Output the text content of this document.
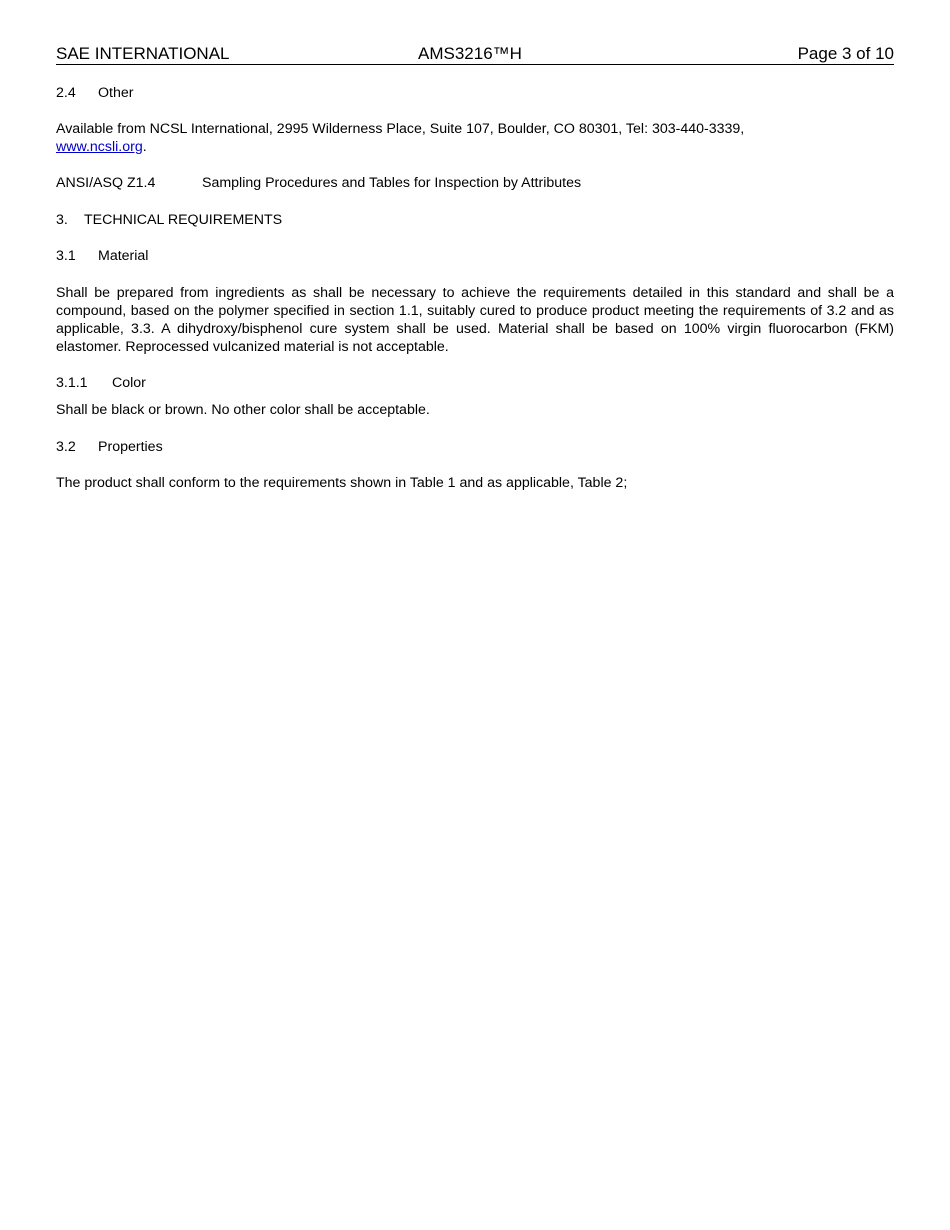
SAE INTERNATIONAL	AMS3216™H	Page 3 of 10
2.4 Other
Available from NCSL International, 2995 Wilderness Place, Suite 107, Boulder, CO 80301, Tel: 303-440-3339,
www.ncsli.org.
ANSI/ASQ Z1.4	Sampling Procedures and Tables for Inspection by Attributes
3. TECHNICAL REQUIREMENTS
3.1 Material
Shall be prepared from ingredients as shall be necessary to achieve the requirements detailed in this standard and shall be a compound, based on the polymer specified in section 1.1, suitably cured to produce product meeting the requirements of 3.2 and as applicable, 3.3. A dihydroxy/bisphenol cure system shall be used. Material shall be based on 100% virgin fluorocarbon (FKM) elastomer. Reprocessed vulcanized material is not acceptable.
3.1.1 Color
Shall be black or brown. No other color shall be acceptable.
3.2 Properties
The product shall conform to the requirements shown in Table 1 and as applicable, Table 2;
